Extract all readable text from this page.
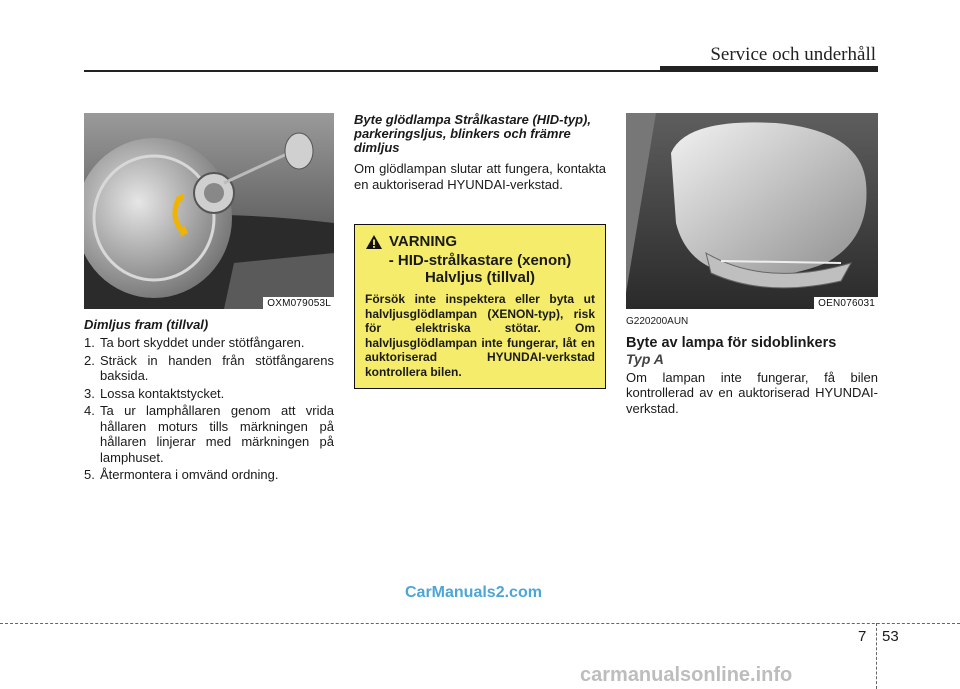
Service och underhåll
OXM079053L
Dimljus fram (tillval)
1. Ta bort skyddet under stötfångaren.
2. Sträck in handen från stötfångarens baksida.
3. Lossa kontaktstycket.
4. Ta ur lamphållaren genom att vrida hållaren moturs tills märkningen på hållaren linjerar med märkningen på lamphuset.
5. Återmontera i omvänd ordning.
Byte glödlampa Strålkastare (HID-typ), parkeringsljus, blinkers och främre dimljus
Om glödlampan slutar att fungera, kontakta en auktoriserad HYUNDAI-verkstad.
VARNING
- HID-strålkastare (xenon) Halvljus (tillval)
Försök inte inspektera eller byta ut halvljusglödlampan (XENON-typ), risk för elektriska stötar. Om halvljusglödlampan inte fungerar, låt en auktoriserad HYUNDAI-verkstad kontrollera bilen.
OEN076031
G220200AUN
Byte av lampa för sidoblinkers
Typ A
Om lampan inte fungerar, få bilen kontrollerad av en auktoriserad HYUNDAI-verkstad.
CarManuals2.com
7 53
carmanualsonline.info
